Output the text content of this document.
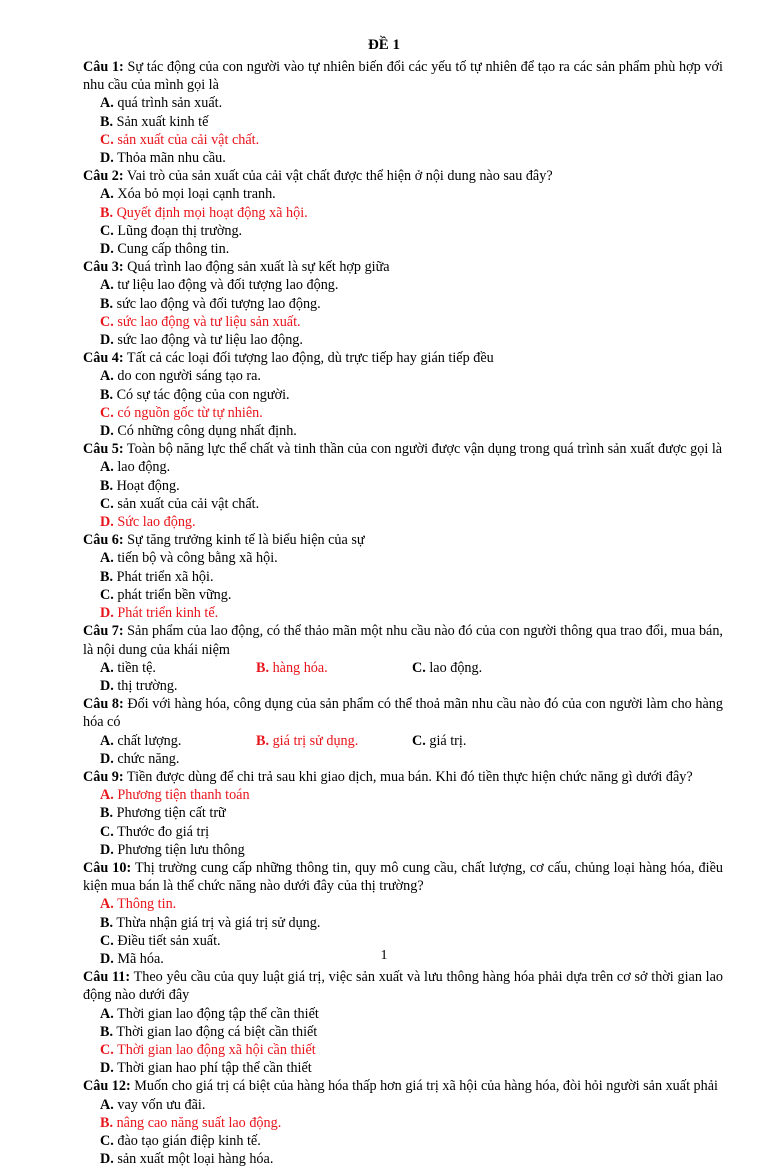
ĐỀ 1
Câu 1: Sự tác động của con người vào tự nhiên biến đổi các yếu tố tự nhiên để tạo ra các sản phẩm phù hợp với nhu cầu của mình gọi là
A. quá trình sản xuất.
B. Sản xuất kinh tế
C. sản xuất của cải vật chất.
D. Thỏa mãn nhu cầu.
Câu 2: Vai trò của sản xuất của cải vật chất được thể hiện ở nội dung nào sau đây?
A. Xóa bỏ mọi loại cạnh tranh.
B. Quyết định mọi hoạt động xã hội.
C. Lũng đoạn thị trường.
D. Cung cấp thông tin.
Câu 3: Quá trình lao động sản xuất là sự kết hợp giữa
A. tư liệu lao động và đối tượng lao động.
B. sức lao động và đối tượng lao động.
C. sức lao động và tư liệu sản xuất.
D. sức lao động và tư liệu lao động.
Câu 4: Tất cả các loại đối tượng lao động, dù trực tiếp hay gián tiếp đều
A. do con người sáng tạo ra.
B. Có sự tác động của con người.
C. có nguồn gốc từ tự nhiên.
D. Có những công dụng nhất định.
Câu 5: Toàn bộ năng lực thể chất và tinh thần của con người được vận dụng trong quá trình sản xuất được gọi là
A. lao động.
B. Hoạt động.
C. sản xuất của cải vật chất.
D. Sức lao động.
Câu 6: Sự tăng trưởng kinh tế là biểu hiện của sự
A. tiến bộ và công bằng xã hội.
B. Phát triển xã hội.
C. phát triển bền vững.
D. Phát triển kinh tế.
Câu 7: Sản phẩm của lao động, có thể thảo mãn một nhu cầu nào đó của con người thông qua trao đổi, mua bán, là nội dung của khái niệm
A. tiền tệ.	B. hàng hóa.	C. lao động.
D. thị trường.
Câu 8: Đối với hàng hóa, công dụng của sản phẩm có thể thoả mãn nhu cầu nào đó của con người làm cho hàng hóa có
A. chất lượng.	B. giá trị sử dụng.	C. giá trị.
D. chức năng.
Câu 9: Tiền được dùng để chi trả sau khi giao dịch, mua bán. Khi đó tiền thực hiện chức năng gì dưới đây?
A. Phương tiện thanh toán
B. Phương tiện cất trữ
C. Thước đo giá trị
D. Phương tiện lưu thông
Câu 10: Thị trường cung cấp những thông tin, quy mô cung cầu, chất lượng, cơ cấu, chủng loại hàng hóa, điều kiện mua bán là thể chức năng nào dưới đây của thị trường?
A. Thông tin.
B. Thừa nhận giá trị và giá trị sử dụng.
C. Điều tiết sản xuất.
D. Mã hóa.
Câu 11: Theo yêu cầu của quy luật giá trị, việc sản xuất và lưu thông hàng hóa phải dựa trên cơ sở thời gian lao động nào dưới đây
A. Thời gian lao động tập thể cần thiết
B. Thời gian lao động cá biệt cần thiết
C. Thời gian lao động xã hội cần thiết
D. Thời gian hao phí tập thể cần thiết
Câu 12: Muốn cho giá trị cá biệt của hàng hóa thấp hơn giá trị xã hội của hàng hóa, đòi hỏi người sản xuất phải
A. vay vốn ưu đãi.
B. nâng cao năng suất lao động.
C. đào tạo gián điệp kinh tế.
D. sản xuất một loại hàng hóa.
1
